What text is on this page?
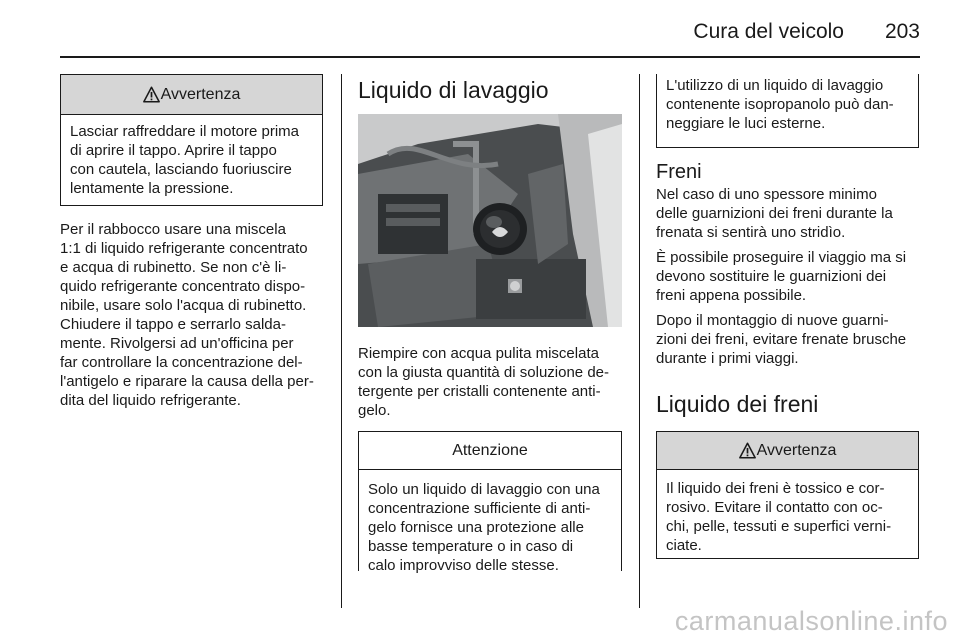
Cura del veicolo 203
Avvertenza
Lasciar raffreddare il motore prima
di aprire il tappo. Aprire il tappo
con cautela, lasciando fuoriuscire
lentamente la pressione.

Per il rabbocco usare una miscela
1:1 di liquido refrigerante concentrato
e acqua di rubinetto. Se non c'è li-
quido refrigerante concentrato dispo-
nibile, usare solo l'acqua di rubinetto.
Chiudere il tappo e serrarlo salda-
mente. Rivolgersi ad un'officina per
far controllare la concentrazione del-
l'antigelo e riparare la causa della per-
dita del liquido refrigerante.

Liquido di lavaggio

Riempire con acqua pulita miscelata
con la giusta quantità di soluzione de-
tergente per cristalli contenente anti-
gelo.

Attenzione
Solo un liquido di lavaggio con una
concentrazione sufficiente di anti-
gelo fornisce una protezione alle
basse temperature o in caso di
calo improvviso delle stesse.
L'utilizzo di un liquido di lavaggio
contenente isopropanolo può dan-
neggiare le luci esterne.
Freni

Nel caso di uno spessore minimo
delle guarnizioni dei freni durante la
frenata si sentirà uno stridìo.

È possibile proseguire il viaggio ma si
devono sostituire le guarnizioni dei
freni appena possibile.

Dopo il montaggio di nuove guarni-
zioni dei freni, evitare frenate brusche
durante i primi viaggi.

Liquido dei freni
Avvertenza
Il liquido dei freni è tossico e cor-
rosivo. Evitare il contatto con oc-
chi, pelle, tessuti e superfici verni-
ciate.
carmanualsonline.info
